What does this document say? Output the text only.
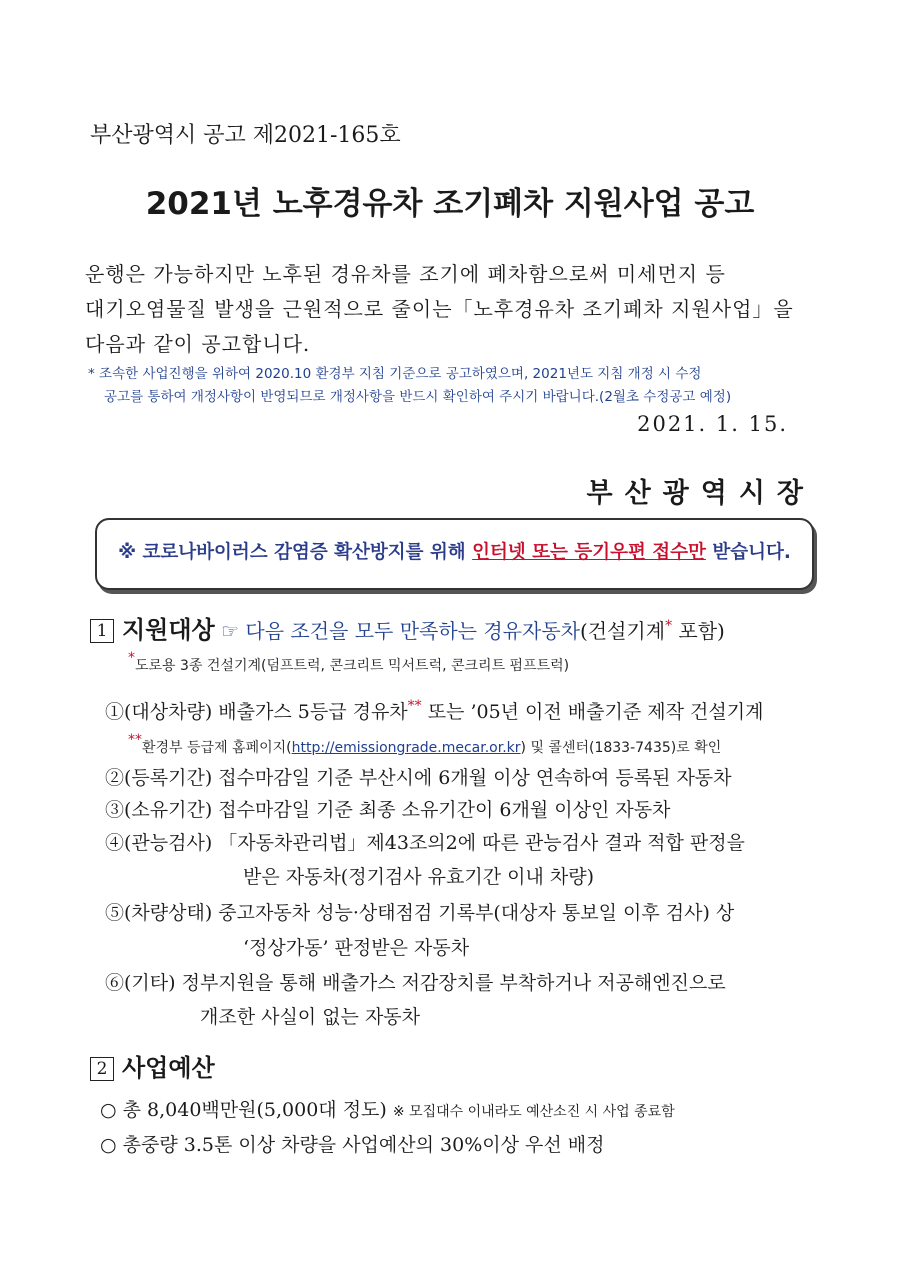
부산광역시 공고 제2021-165호
2021년 노후경유차 조기폐차 지원사업 공고
운행은 가능하지만 노후된 경유차를 조기에 폐차함으로써 미세먼지 등
대기오염물질 발생을 근원적으로 줄이는「노후경유차 조기폐차 지원사업」을
다음과 같이 공고합니다.
* 조속한 사업진행을 위하여 2020.10 환경부 지침 기준으로 공고하였으며, 2021년도 지침 개정 시 수정
공고를 통하여 개정사항이 반영되므로 개정사항을 반드시 확인하여 주시기 바랍니다.(2월초 수정공고 예정)
2021. 1. 15.
부산광역시장
※ 코로나바이러스 감염증 확산방지를 위해 인터넷 또는 등기우편 접수만 받습니다.
1 지원대상 ☞ 다음 조건을 모두 만족하는 경유자동차(건설기계* 포함)
*도로용 3종 건설기계(덤프트럭, 콘크리트 믹서트럭, 콘크리트 펌프트럭)
①(대상차량) 배출가스 5등급 경유차** 또는 ’05년 이전 배출기준 제작 건설기계
**환경부 등급제 홈페이지(http://emissiongrade.mecar.or.kr) 및 콜센터(1833-7435)로 확인
②(등록기간) 접수마감일 기준 부산시에 6개월 이상 연속하여 등록된 자동차
③(소유기간) 접수마감일 기준 최종 소유기간이 6개월 이상인 자동차
④(관능검사) 「자동차관리법」제43조의2에 따른 관능검사 결과 적합 판정을
받은 자동차(정기검사 유효기간 이내 차량)
⑤(차량상태) 중고자동차 성능·상태점검 기록부(대상자 통보일 이후 검사) 상
‘정상가동’ 판정받은 자동차
⑥(기타) 정부지원을 통해 배출가스 저감장치를 부착하거나 저공해엔진으로
개조한 사실이 없는 자동차
2 사업예산
○ 총 8,040백만원(5,000대 정도) ※ 모집대수 이내라도 예산소진 시 사업 종료함
○ 총중량 3.5톤 이상 차량을 사업예산의 30%이상 우선 배정
